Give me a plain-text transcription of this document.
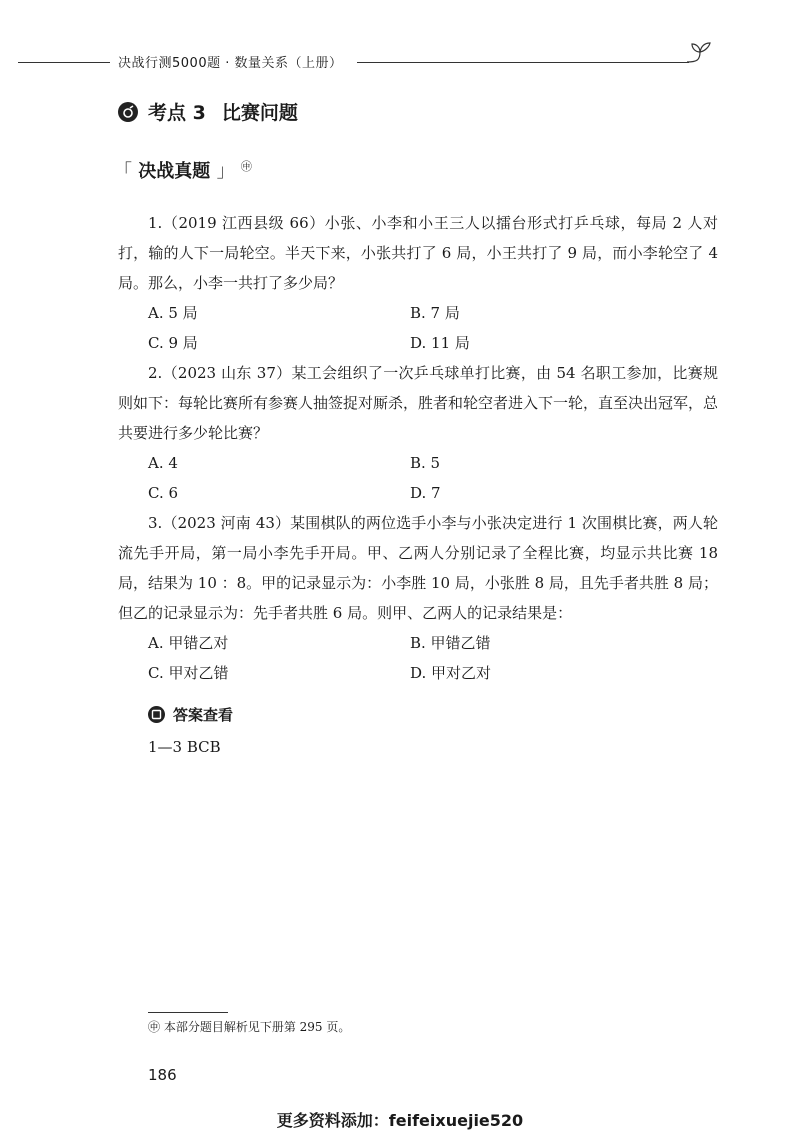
决战行测5000题 · 数量关系（上册）
考点 3 比赛问题
「 决战真题 」 ㊥

1.（2019 江西县级 66）小张、小李和小王三人以擂台形式打乒乓球，每局 2 人对打，输的人下一局轮空。半天下来，小张共打了 6 局，小王共打了 9 局，而小李轮空了 4 局。那么，小李一共打了多少局？

A. 5 局	B. 7 局
C. 9 局	D. 11 局

2.（2023 山东 37）某工会组织了一次乒乓球单打比赛，由 54 名职工参加，比赛规则如下：每轮比赛所有参赛人抽签捉对厮杀，胜者和轮空者进入下一轮，直至决出冠军，总共要进行多少轮比赛？

A. 4	B. 5
C. 6	D. 7

3.（2023 河南 43）某围棋队的两位选手小李与小张决定进行 1 次围棋比赛，两人轮流先手开局，第一局小李先手开局。甲、乙两人分别记录了全程比赛，均显示共比赛 18 局，结果为 10 ：8。甲的记录显示为：小李胜 10 局，小张胜 8 局，且先手者共胜 8 局；但乙的记录显示为：先手者共胜 6 局。则甲、乙两人的记录结果是：

A. 甲错乙对	B. 甲错乙错
C. 甲对乙错	D. 甲对乙对
答案查看
1—3 BCB
㊥ 本部分题目解析见下册第 295 页。
186
更多资料添加：feifeixuejie520
